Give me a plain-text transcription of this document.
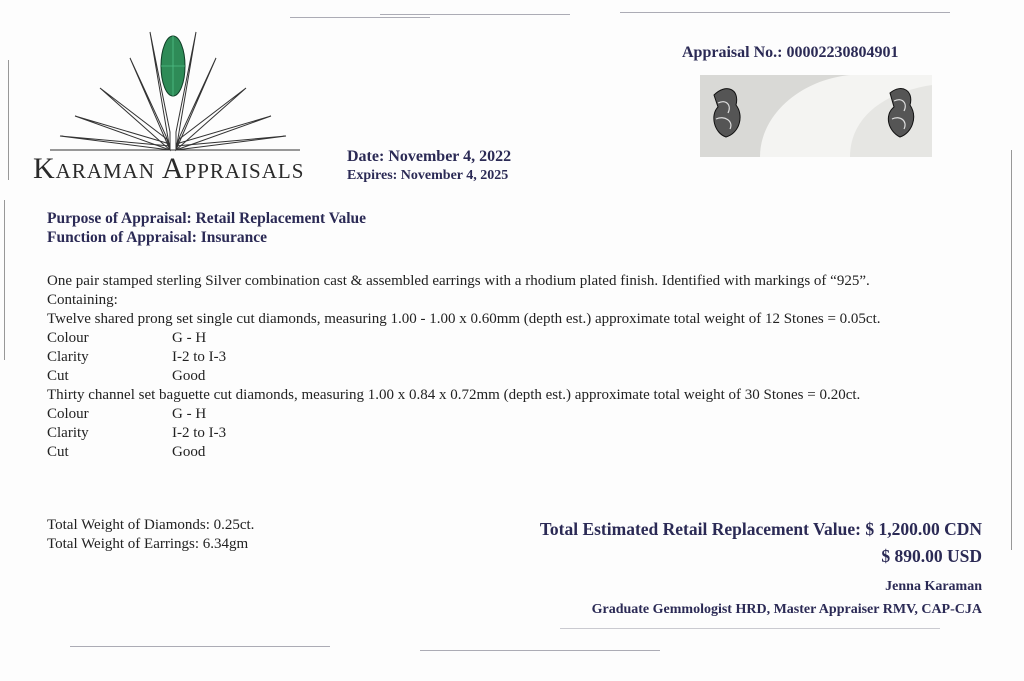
Karaman Appraisals	Date: November 4, 2022
Expires: November 4, 2025
Appraisal No.: 00002230804901
Purpose of Appraisal: Retail Replacement Value
Function of Appraisal: Insurance
One pair stamped sterling Silver combination cast & assembled earrings with a rhodium plated finish. Identified with markings of “925”.
Containing:
Twelve shared prong set single cut diamonds, measuring 1.00 - 1.00 x 0.60mm (depth est.) approximate total weight of 12 Stones = 0.05ct.
Colour	G - H
Clarity	I-2 to I-3
Cut	Good
Thirty channel set baguette cut diamonds, measuring 1.00 x 0.84 x 0.72mm (depth est.) approximate total weight of 30 Stones = 0.20ct.
Colour	G - H
Clarity	I-2 to I-3
Cut	Good
Total Weight of Diamonds: 0.25ct.
Total Weight of Earrings: 6.34gm
Total Estimated Retail Replacement Value: $ 1,200.00 CDN
$ 890.00 USD
Jenna Karaman
Graduate Gemmologist HRD, Master Appraiser RMV, CAP-CJA
